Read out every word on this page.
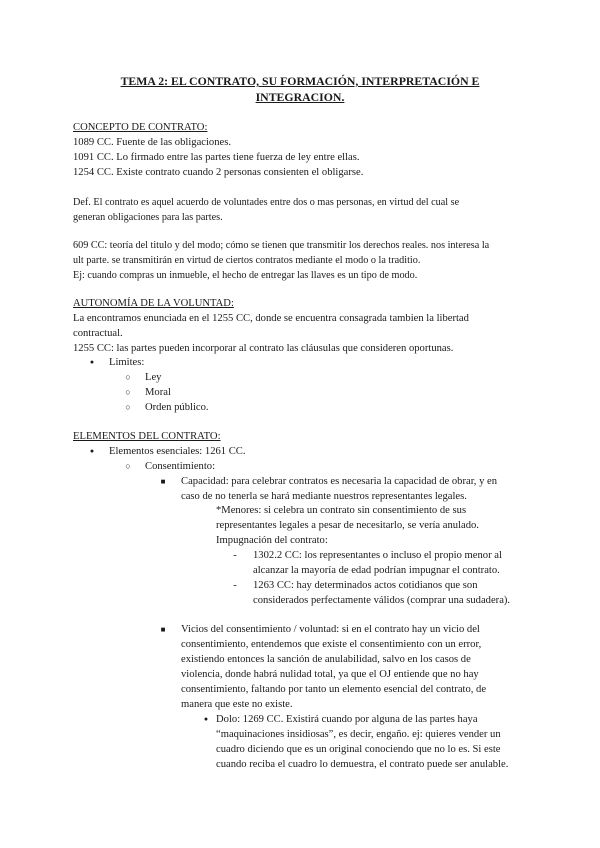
TEMA 2: EL CONTRATO, SU FORMACIÓN, INTERPRETACIÓN E
INTEGRACION.
CONCEPTO DE CONTRATO:
1089 CC. Fuente de las obligaciones.
1091 CC. Lo firmado entre las partes tiene fuerza de ley entre ellas.
1254 CC. Existe contrato cuando 2 personas consienten el obligarse.
Def. El contrato es aquel acuerdo de voluntades entre dos o mas personas, en virtud del cual se
generan obligaciones para las partes.
609 CC: teoría del titulo y del modo; cómo se tienen que transmitir los derechos reales. nos interesa la
ult parte. se transmitirán en virtud de ciertos contratos mediante el modo o la traditio.
Ej: cuando compras un inmueble, el hecho de entregar las llaves es un tipo de modo.
AUTONOMÍA DE LA VOLUNTAD:
La encontramos enunciada en el 1255 CC, donde se encuentra consagrada tambien la libertad
contractual.
1255 CC: las partes pueden incorporar al contrato las cláusulas que consideren oportunas.
● Limites:
○ Ley
○ Moral
○ Orden público.
ELEMENTOS DEL CONTRATO:
● Elementos esenciales: 1261 CC.
○ Consentimiento:
■ Capacidad: para celebrar contratos es necesaria la capacidad de obrar, y en
caso de no tenerla se hará mediante nuestros representantes legales.
*Menores: si celebra un contrato sin consentimiento de sus
representantes legales a pesar de necesitarlo, se vería anulado.
Impugnación del contrato:
- 1302.2 CC: los representantes o incluso el propio menor al
alcanzar la mayoría de edad podrían impugnar el contrato.
- 1263 CC: hay determinados actos cotidianos que son
considerados perfectamente válidos (comprar una sudadera).
■ Vicios del consentimiento / voluntad: si en el contrato hay un vicio del
consentimiento, entendemos que existe el consentimiento con un error,
existiendo entonces la sanción de anulabilidad, salvo en los casos de
violencia, donde habrá nulidad total, ya que el OJ entiende que no hay
consentimiento, faltando por tanto un elemento esencial del contrato, de
manera que este no existe.
● Dolo: 1269 CC. Existirá cuando por alguna de las partes haya
“maquinaciones insidiosas”, es decir, engaño. ej: quieres vender un
cuadro diciendo que es un original conociendo que no lo es. Si este
cuando reciba el cuadro lo demuestra, el contrato puede ser anulable.
